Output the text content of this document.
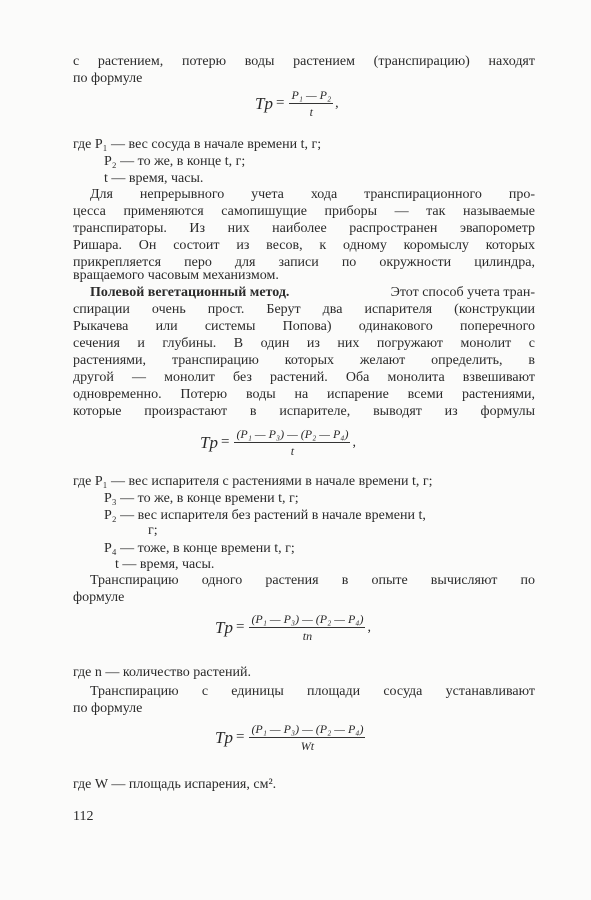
с растением, потерю воды растением (транспирацию) находят
по формуле
$Tp = \frac{\text{P₁ — P₂}}{t}$ ,
где P₁ — вес сосуда в начале времени t, г;
P₂ — то же, в конце t, г;
t — время, часы.
Для непрерывного учета хода транспирационного про-
цесса применяются самопишущие приборы — так называемые
транспираторы. Из них наиболее распространен эвапорометр
Ришара. Он состоит из весов, к одному коромыслу которых
прикрепляется перо для записи по окружности цилиндра,
вращаемого часовым механизмом.
Полевой вегетационный метод.	Этот способ учета тран-
спирации очень прост. Берут два испарителя (конструкции
Рыкачева или системы Попова) одинакового поперечного
сечения и глубины. В один из них погружают монолит с
растениями, транспирацию которых желают определить, в
другой — монолит без растений. Оба монолита взвешивают
одновременно. Потерю воды на испарение всеми растениями,
которые произрастают в испарителе, выводят из формулы
$Tp = \frac{\text{(P₁ — P₃) — (P₂ — P₄)}}{t}$ ,
где P₁ — вес испарителя с растениями в начале времени t, г;
P₃ — то же, в конце времени t, г;
P₂ — вес испарителя без растений в начале времени t,
г;
P₄ — тоже, в конце времени t, г;
t — время, часы.
Транспирацию одного растения в опыте вычисляют по
формуле
$Tp = \frac{\text{(P₁ — P₃) — (P₂ — P₄)}}{tn}$ ,
где n — количество растений.
Транспирацию с единицы площади сосуда устанавливают
по формуле
$Tp = \frac{\text{(P₁ — P₃) — (P₂ — P₄)}}{Wt}$
где W — площадь испарения, см².
112
